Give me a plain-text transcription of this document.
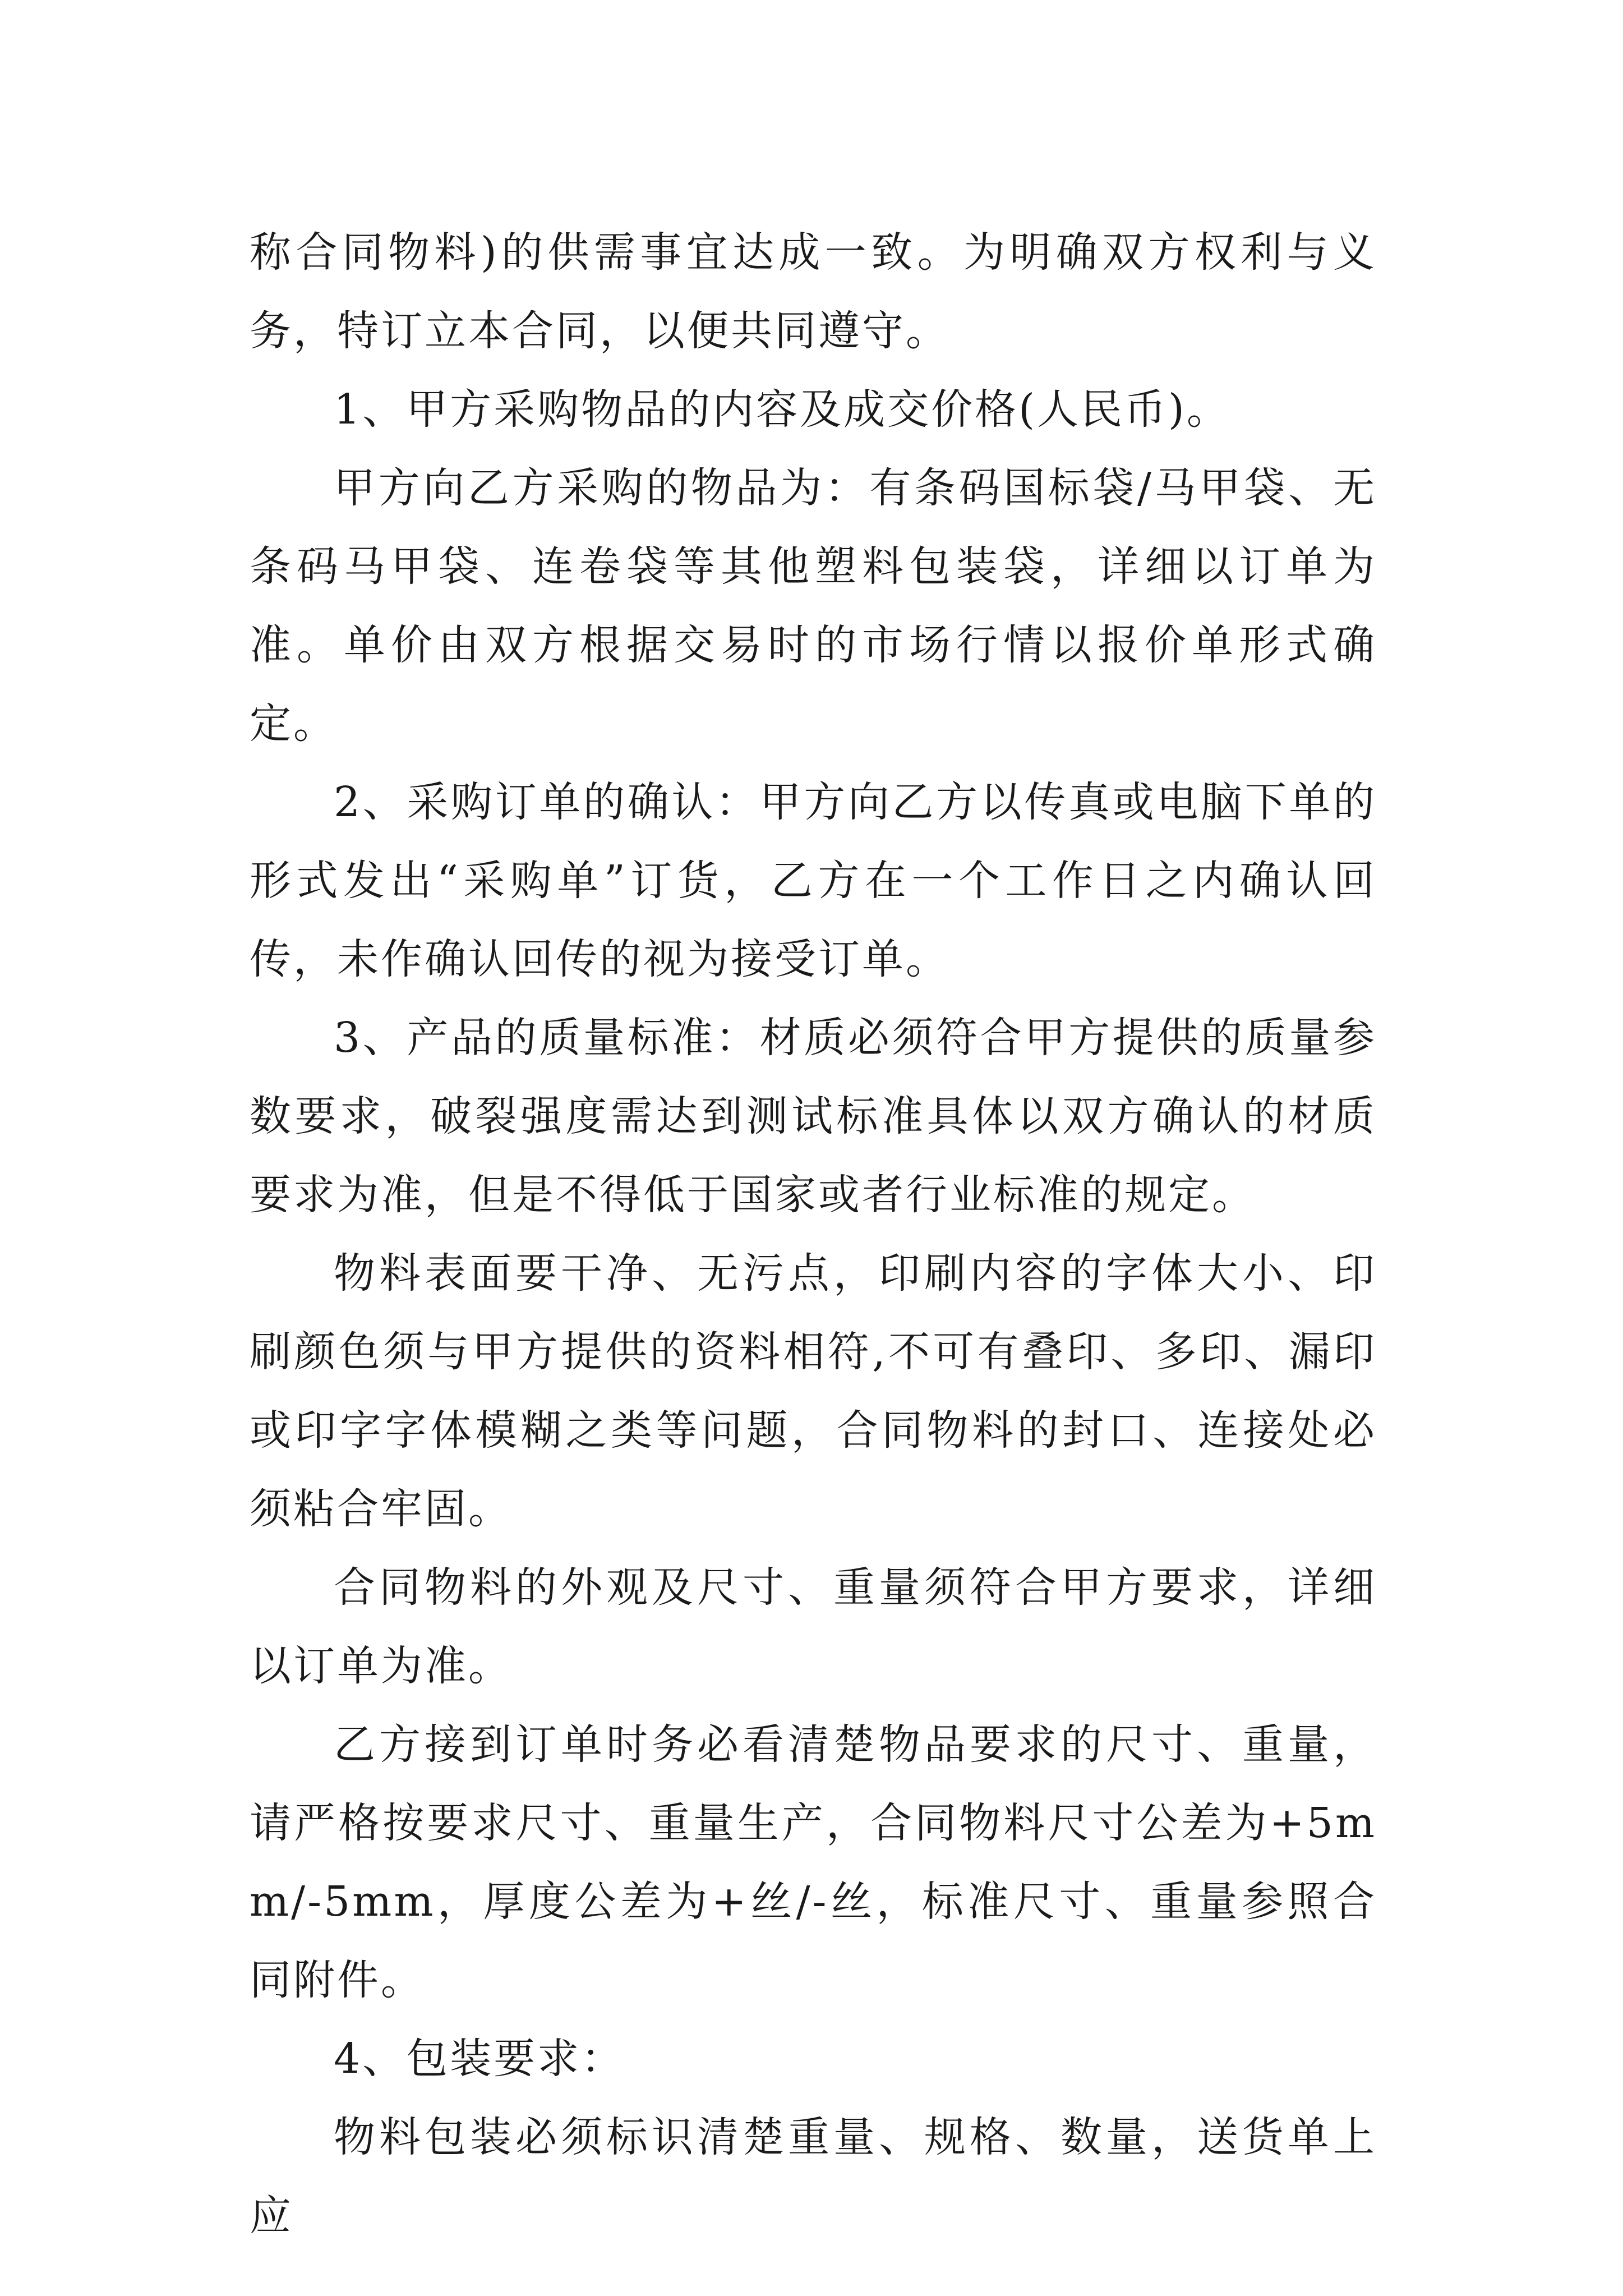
称合同物料)的供需事宜达成一致。为明确双方权利与义务，特订立本合同，以便共同遵守。

1、甲方采购物品的内容及成交价格(人民币)。

甲方向乙方采购的物品为：有条码国标袋/马甲袋、无条码马甲袋、连卷袋等其他塑料包装袋，详细以订单为准。单价由双方根据交易时的市场行情以报价单形式确定。

2、采购订单的确认：甲方向乙方以传真或电脑下单的形式发出“采购单”订货，乙方在一个工作日之内确认回传，未作确认回传的视为接受订单。

3、产品的质量标准：材质必须符合甲方提供的质量参数要求，破裂强度需达到测试标准具体以双方确认的材质要求为准，但是不得低于国家或者行业标准的规定。

物料表面要干净、无污点，印刷内容的字体大小、印刷颜色须与甲方提供的资料相符,不可有叠印、多印、漏印或印字字体模糊之类等问题，合同物料的封口、连接处必须粘合牢固。

合同物料的外观及尺寸、重量须符合甲方要求，详细以订单为准。

乙方接到订单时务必看清楚物品要求的尺寸、重量，请严格按要求尺寸、重量生产，合同物料尺寸公差为+5mm/-5mm，厚度公差为+丝/-丝，标准尺寸、重量参照合同附件。

4、包装要求：

物料包装必须标识清楚重量、规格、数量，送货单上应
